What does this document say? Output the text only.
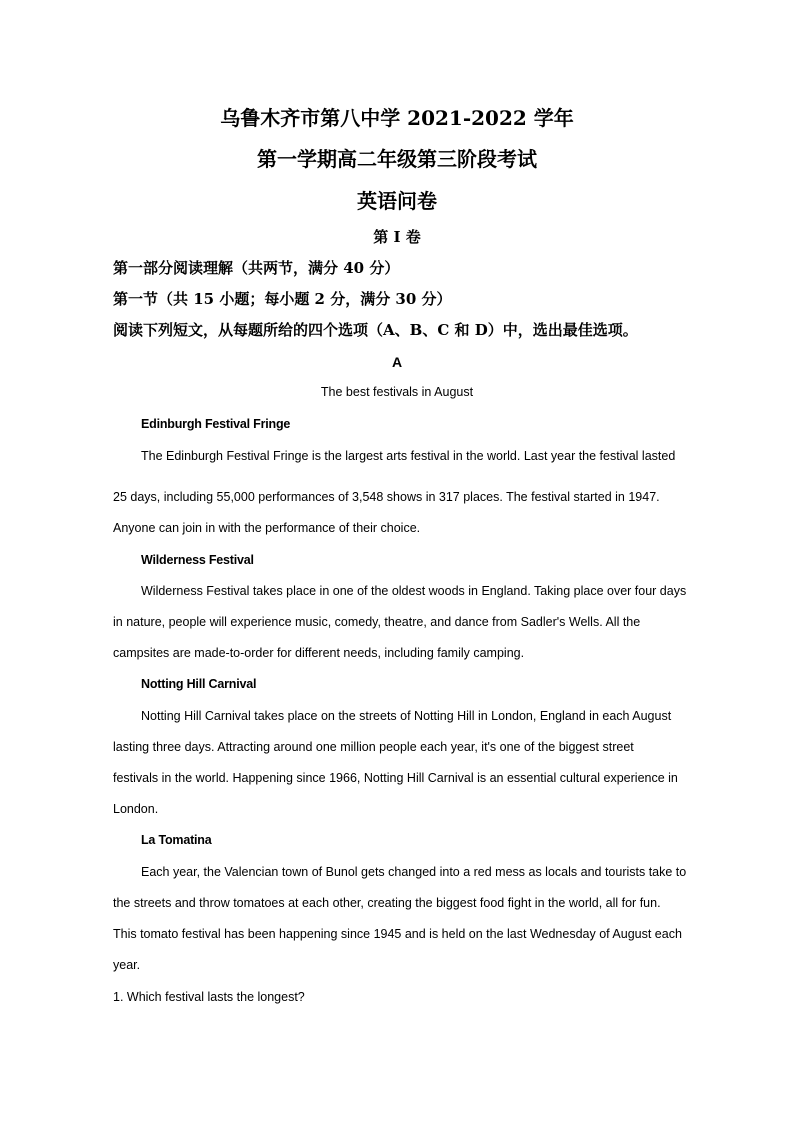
乌鲁木齐市第八中学 2021-2022 学年
第一学期高二年级第三阶段考试
英语问卷
第 I 卷
第一部分阅读理解（共两节，满分 40 分）
第一节（共 15 小题；每小题 2 分，满分 30 分）
阅读下列短文，从每题所给的四个选项（A、B、C 和 D）中，选出最佳选项。
A
The best festivals in August
Edinburgh Festival Fringe
The Edinburgh Festival Fringe is the largest arts festival in the world. Last year the festival lasted
25 days, including 55,000 performances of 3,548 shows in 317 places. The festival started in 1947.
Anyone can join in with the performance of their choice.
Wilderness Festival
Wilderness Festival takes place in one of the oldest woods in England. Taking place over four days
in nature, people will experience music, comedy, theatre, and dance from Sadler's Wells. All the
campsites are made-to-order for different needs, including family camping.
Notting Hill Carnival
Notting Hill Carnival takes place on the streets of Notting Hill in London, England in each August
lasting three days. Attracting around one million people each year, it's one of the biggest street
festivals in the world. Happening since 1966, Notting Hill Carnival is an essential cultural experience in
London.
La Tomatina
Each year, the Valencian town of Bunol gets changed into a red mess as locals and tourists take to
the streets and throw tomatoes at each other, creating the biggest food fight in the world, all for fun.
This tomato festival has been happening since 1945 and is held on the last Wednesday of August each
year.
1. Which festival lasts the longest?
